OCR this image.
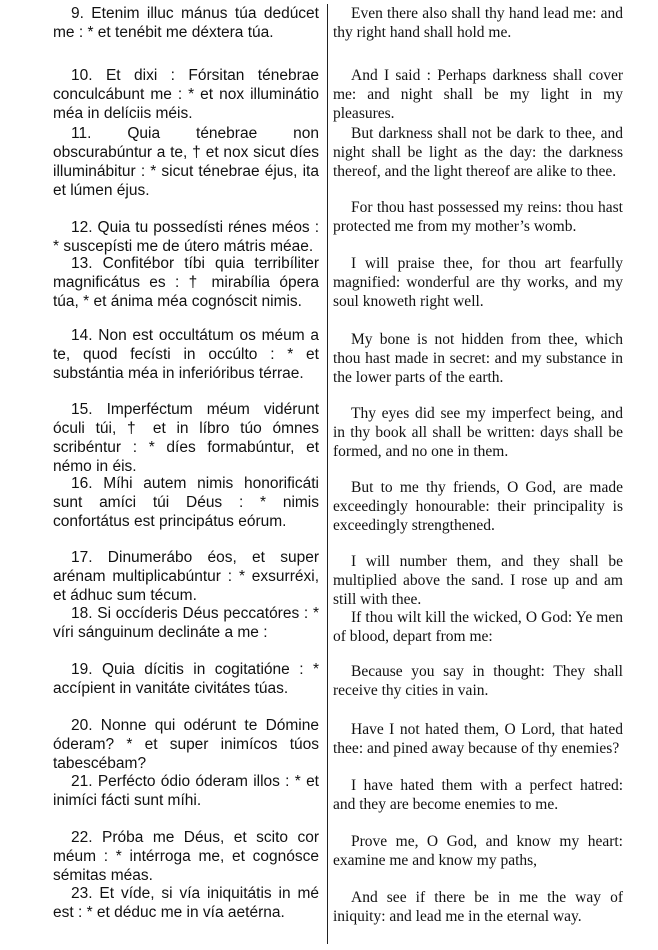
9. Etenim illuc mánus túa dedúcet me : * et tenébit me déxtera túa.

10. Et dixi : Fórsitan ténebrae conculcábunt me : * et nox illuminátio méa in delíciis méis.

11. Quia ténebrae non obscurabúntur a te, † et nox sicut díes illuminábitur : * sicut ténebrae éjus, ita et lúmen éjus.

12. Quia tu possedísti rénes méos : * suscepísti me de útero mátris méae.

13. Confitébor tíbi quia terribíliter magnificátus es : † mirabília ópera túa, * et ánima méa cognóscit nimis.

14. Non est occultátum os méum a te, quod fecísti in occúlto : * et substántia méa in inferióribus térrae.

15. Imperféctum méum vidérunt óculi túi, † et in líbro túo ómnes scribéntur : * díes formabúntur, et némo in éis.

16. Míhi autem nimis honorificáti sunt amíci túi Déus : * nimis confortátus est principátus eórum.

17. Dinumerábo éos, et super arénam multiplicabúntur : * exsurréxi, et ádhuc sum técum.

18. Si occíderis Déus peccatóres : * víri sánguinum declináte a me :

19. Quia dícitis in cogitatióne : * accípient in vanitáte civitátes túas.

20. Nonne qui odérunt te Dómine óderam? * et super inimícos túos tabescébam?

21. Perfécto ódio óderam illos : * et inimíci fácti sunt míhi.

22. Próba me Déus, et scito cor méum : * intérroga me, et cognósce sémitas méas.

23. Et víde, si vía iniquitátis in mé est : * et déduc me in vía aetérna.

Even there also shall thy hand lead me: and thy right hand shall hold me.

And I said : Perhaps darkness shall cover me: and night shall be my light in my pleasures.

But darkness shall not be dark to thee, and night shall be light as the day: the darkness thereof, and the light thereof are alike to thee.

For thou hast possessed my reins: thou hast protected me from my mother’s womb.

I will praise thee, for thou art fearfully magnified: wonderful are thy works, and my soul knoweth right well.

My bone is not hidden from thee, which thou hast made in secret: and my substance in the lower parts of the earth.

Thy eyes did see my imperfect being, and in thy book all shall be written: days shall be formed, and no one in them.

But to me thy friends, O God, are made exceedingly honourable: their principality is exceedingly strengthened.

I will number them, and they shall be multiplied above the sand. I rose up and am still with thee.

If thou wilt kill the wicked, O God: Ye men of blood, depart from me:

Because you say in thought: They shall receive thy cities in vain.

Have I not hated them, O Lord, that hated thee: and pined away because of thy enemies?

I have hated them with a perfect hatred: and they are become enemies to me.

Prove me, O God, and know my heart: examine me and know my paths,

And see if there be in me the way of iniquity: and lead me in the eternal way.
